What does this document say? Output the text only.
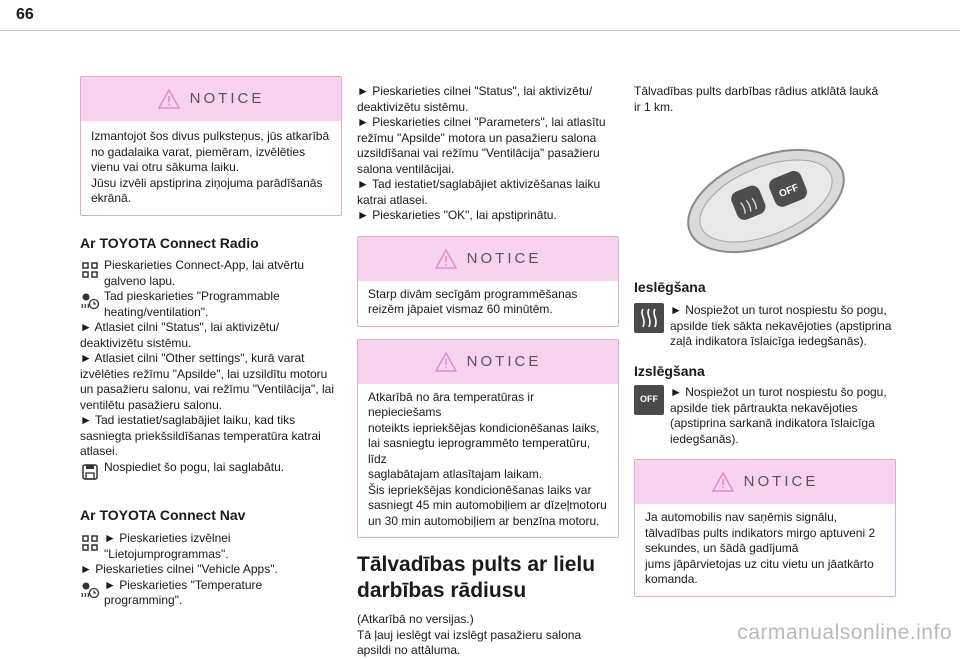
66
NOTICE

Izmantojot šos divus pulksteņus, jūs atkarībā

no gadalaika varat, piemēram, izvēlēties

vienu vai otru sākuma laiku.

Jūsu izvēli apstiprina ziņojuma parādīšanās

ekrānā.

Ar TOYOTA Connect Radio
Pieskarieties Connect-App, lai atvērtu galveno lapu.
Tad pieskarieties "Programmable heating/ventilation".

► Atlasiet cilni "Status", lai aktivizētu/

deaktivizētu sistēmu.

► Atlasiet cilni "Other settings", kurā varat

izvēlēties režīmu "Apsilde", lai uzsildītu motoru

un pasažieru salonu, vai režīmu "Ventilācija", lai

ventilētu pasažieru salonu.

► Tad iestatiet/saglabājiet laiku, kad tiks

sasniegta priekšsildīšanas temperatūra katrai

atlasei.

Nospiediet šo pogu, lai saglabātu.
Ar TOYOTA Connect Nav
► Pieskarieties izvēlnei "Lietojumprogrammas".

► Pieskarieties cilnei "Vehicle Apps".

► Pieskarieties "Temperature programming".

► Pieskarieties cilnei "Status", lai aktivizētu/

deaktivizētu sistēmu.

► Pieskarieties cilnei "Parameters", lai atlasītu

režīmu "Apsilde" motora un pasažieru salona

uzsildīšanai vai režīmu "Ventilācija" pasažieru

salona ventilācijai.

► Tad iestatiet/saglabājiet aktivizēšanas laiku

katrai atlasei.

► Pieskarieties "OK", lai apstiprinātu.

NOTICE

Starp divām secīgām programmēšanas

reizēm jāpaiet vismaz 60 minūtēm.

NOTICE

Atkarībā no āra temperatūras ir nepieciešams

noteikts iepriekšējas kondicionēšanas laiks,

lai sasniegtu ieprogrammēto temperatūru, līdz

saglabātajam atlasītajam laikam.

Šis iepriekšējas kondicionēšanas laiks var

sasniegt 45 min automobiļiem ar dīzeļmotoru

un 30 min automobiļiem ar benzīna motoru.

Tālvadības pults ar lielu
darbības rādiusu

(Atkarībā no versijas.)

Tā ļauj ieslēgt vai izslēgt pasažieru salona

apsildi no attāluma.

Tālvadības pults darbības rādius atklātā laukā

ir 1 km.

OFF
Ieslēgšana
► Nospiežot un turot nospiestu šo pogu, apsilde tiek sākta nekavējoties (apstiprina zaļā indikatora īslaicīga iedegšanās).
Izslēgšana
OFF
► Nospiežot un turot nospiestu šo pogu, apsilde tiek pārtraukta nekavējoties (apstiprina sarkanā indikatora īslaicīga iedegšanās).
NOTICE

Ja automobilis nav saņēmis signālu,

tālvadības pults indikators mirgo aptuveni 2

sekundes, un šādā gadījumā

jums jāpārvietojas uz citu vietu un jāatkārto

komanda.

carmanualsonline.info
